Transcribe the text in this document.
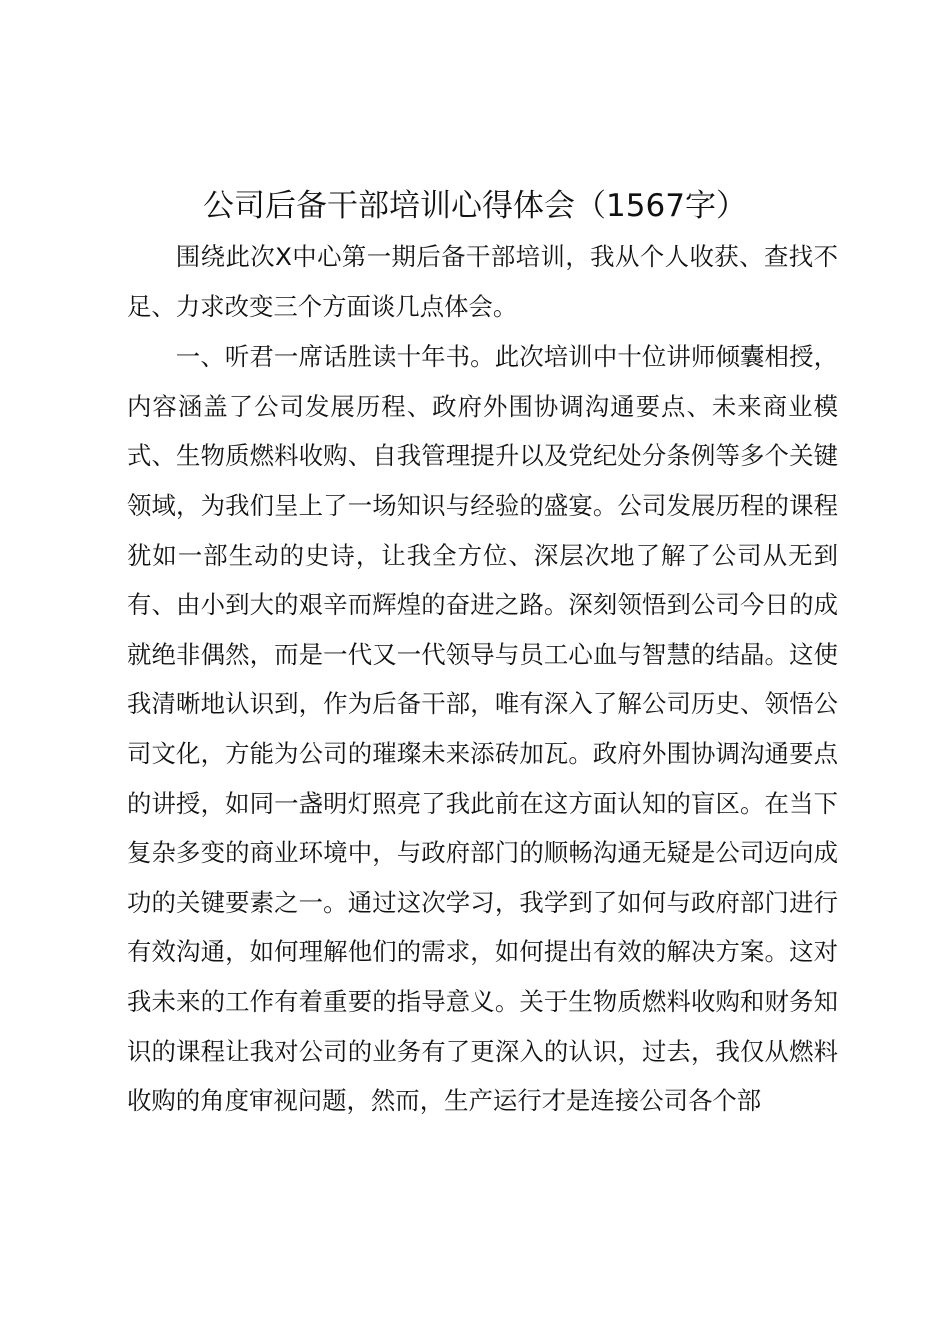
公司后备干部培训心得体会（1567字）

围绕此次X中心第一期后备干部培训，我从个人收获、查找不足、力求改变三个方面谈几点体会。

一、听君一席话胜读十年书。此次培训中十位讲师倾囊相授，内容涵盖了公司发展历程、政府外围协调沟通要点、未来商业模式、生物质燃料收购、自我管理提升以及党纪处分条例等多个关键领域，为我们呈上了一场知识与经验的盛宴。公司发展历程的课程犹如一部生动的史诗，让我全方位、深层次地了解了公司从无到有、由小到大的艰辛而辉煌的奋进之路。深刻领悟到公司今日的成就绝非偶然，而是一代又一代领导与员工心血与智慧的结晶。这使我清晰地认识到，作为后备干部，唯有深入了解公司历史、领悟公司文化，方能为公司的璀璨未来添砖加瓦。政府外围协调沟通要点的讲授，如同一盏明灯照亮了我此前在这方面认知的盲区。在当下复杂多变的商业环境中，与政府部门的顺畅沟通无疑是公司迈向成功的关键要素之一。通过这次学习，我学到了如何与政府部门进行有效沟通，如何理解他们的需求，如何提出有效的解决方案。这对我未来的工作有着重要的指导意义。关于生物质燃料收购和财务知识的课程让我对公司的业务有了更深入的认识，过去，我仅从燃料收购的角度审视问题，然而，生产运行才是连接公司各个部
